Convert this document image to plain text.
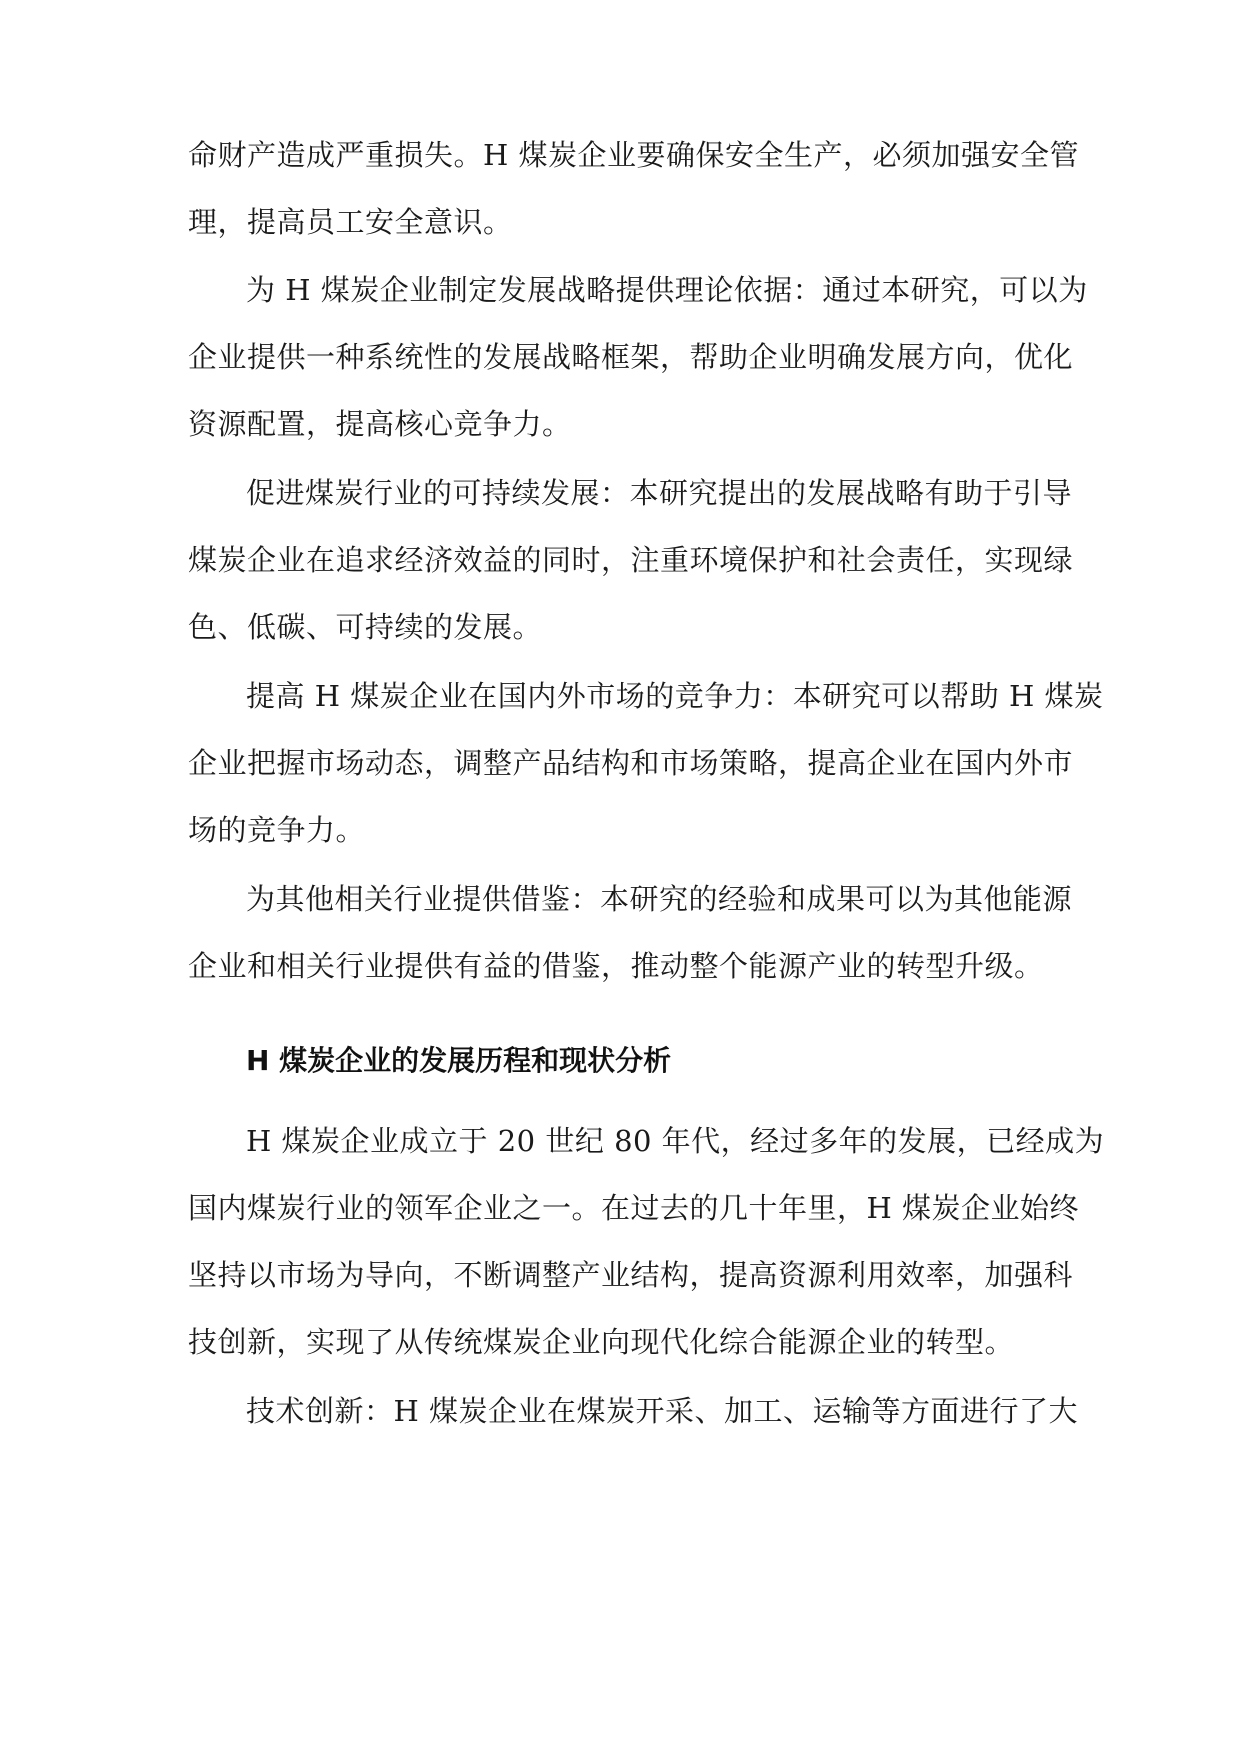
命财产造成严重损失。H 煤炭企业要确保安全生产，必须加强安全管
理，提高员工安全意识。
为 H 煤炭企业制定发展战略提供理论依据：通过本研究，可以为
企业提供一种系统性的发展战略框架，帮助企业明确发展方向，优化
资源配置，提高核心竞争力。
促进煤炭行业的可持续发展：本研究提出的发展战略有助于引导
煤炭企业在追求经济效益的同时，注重环境保护和社会责任，实现绿
色、低碳、可持续的发展。
提高 H 煤炭企业在国内外市场的竞争力：本研究可以帮助 H 煤炭
企业把握市场动态，调整产品结构和市场策略，提高企业在国内外市
场的竞争力。
为其他相关行业提供借鉴：本研究的经验和成果可以为其他能源
企业和相关行业提供有益的借鉴，推动整个能源产业的转型升级。
H 煤炭企业的发展历程和现状分析
H 煤炭企业成立于 20 世纪 80 年代，经过多年的发展，已经成为
国内煤炭行业的领军企业之一。在过去的几十年里，H 煤炭企业始终
坚持以市场为导向，不断调整产业结构，提高资源利用效率，加强科
技创新，实现了从传统煤炭企业向现代化综合能源企业的转型。
技术创新：H 煤炭企业在煤炭开采、加工、运输等方面进行了大
